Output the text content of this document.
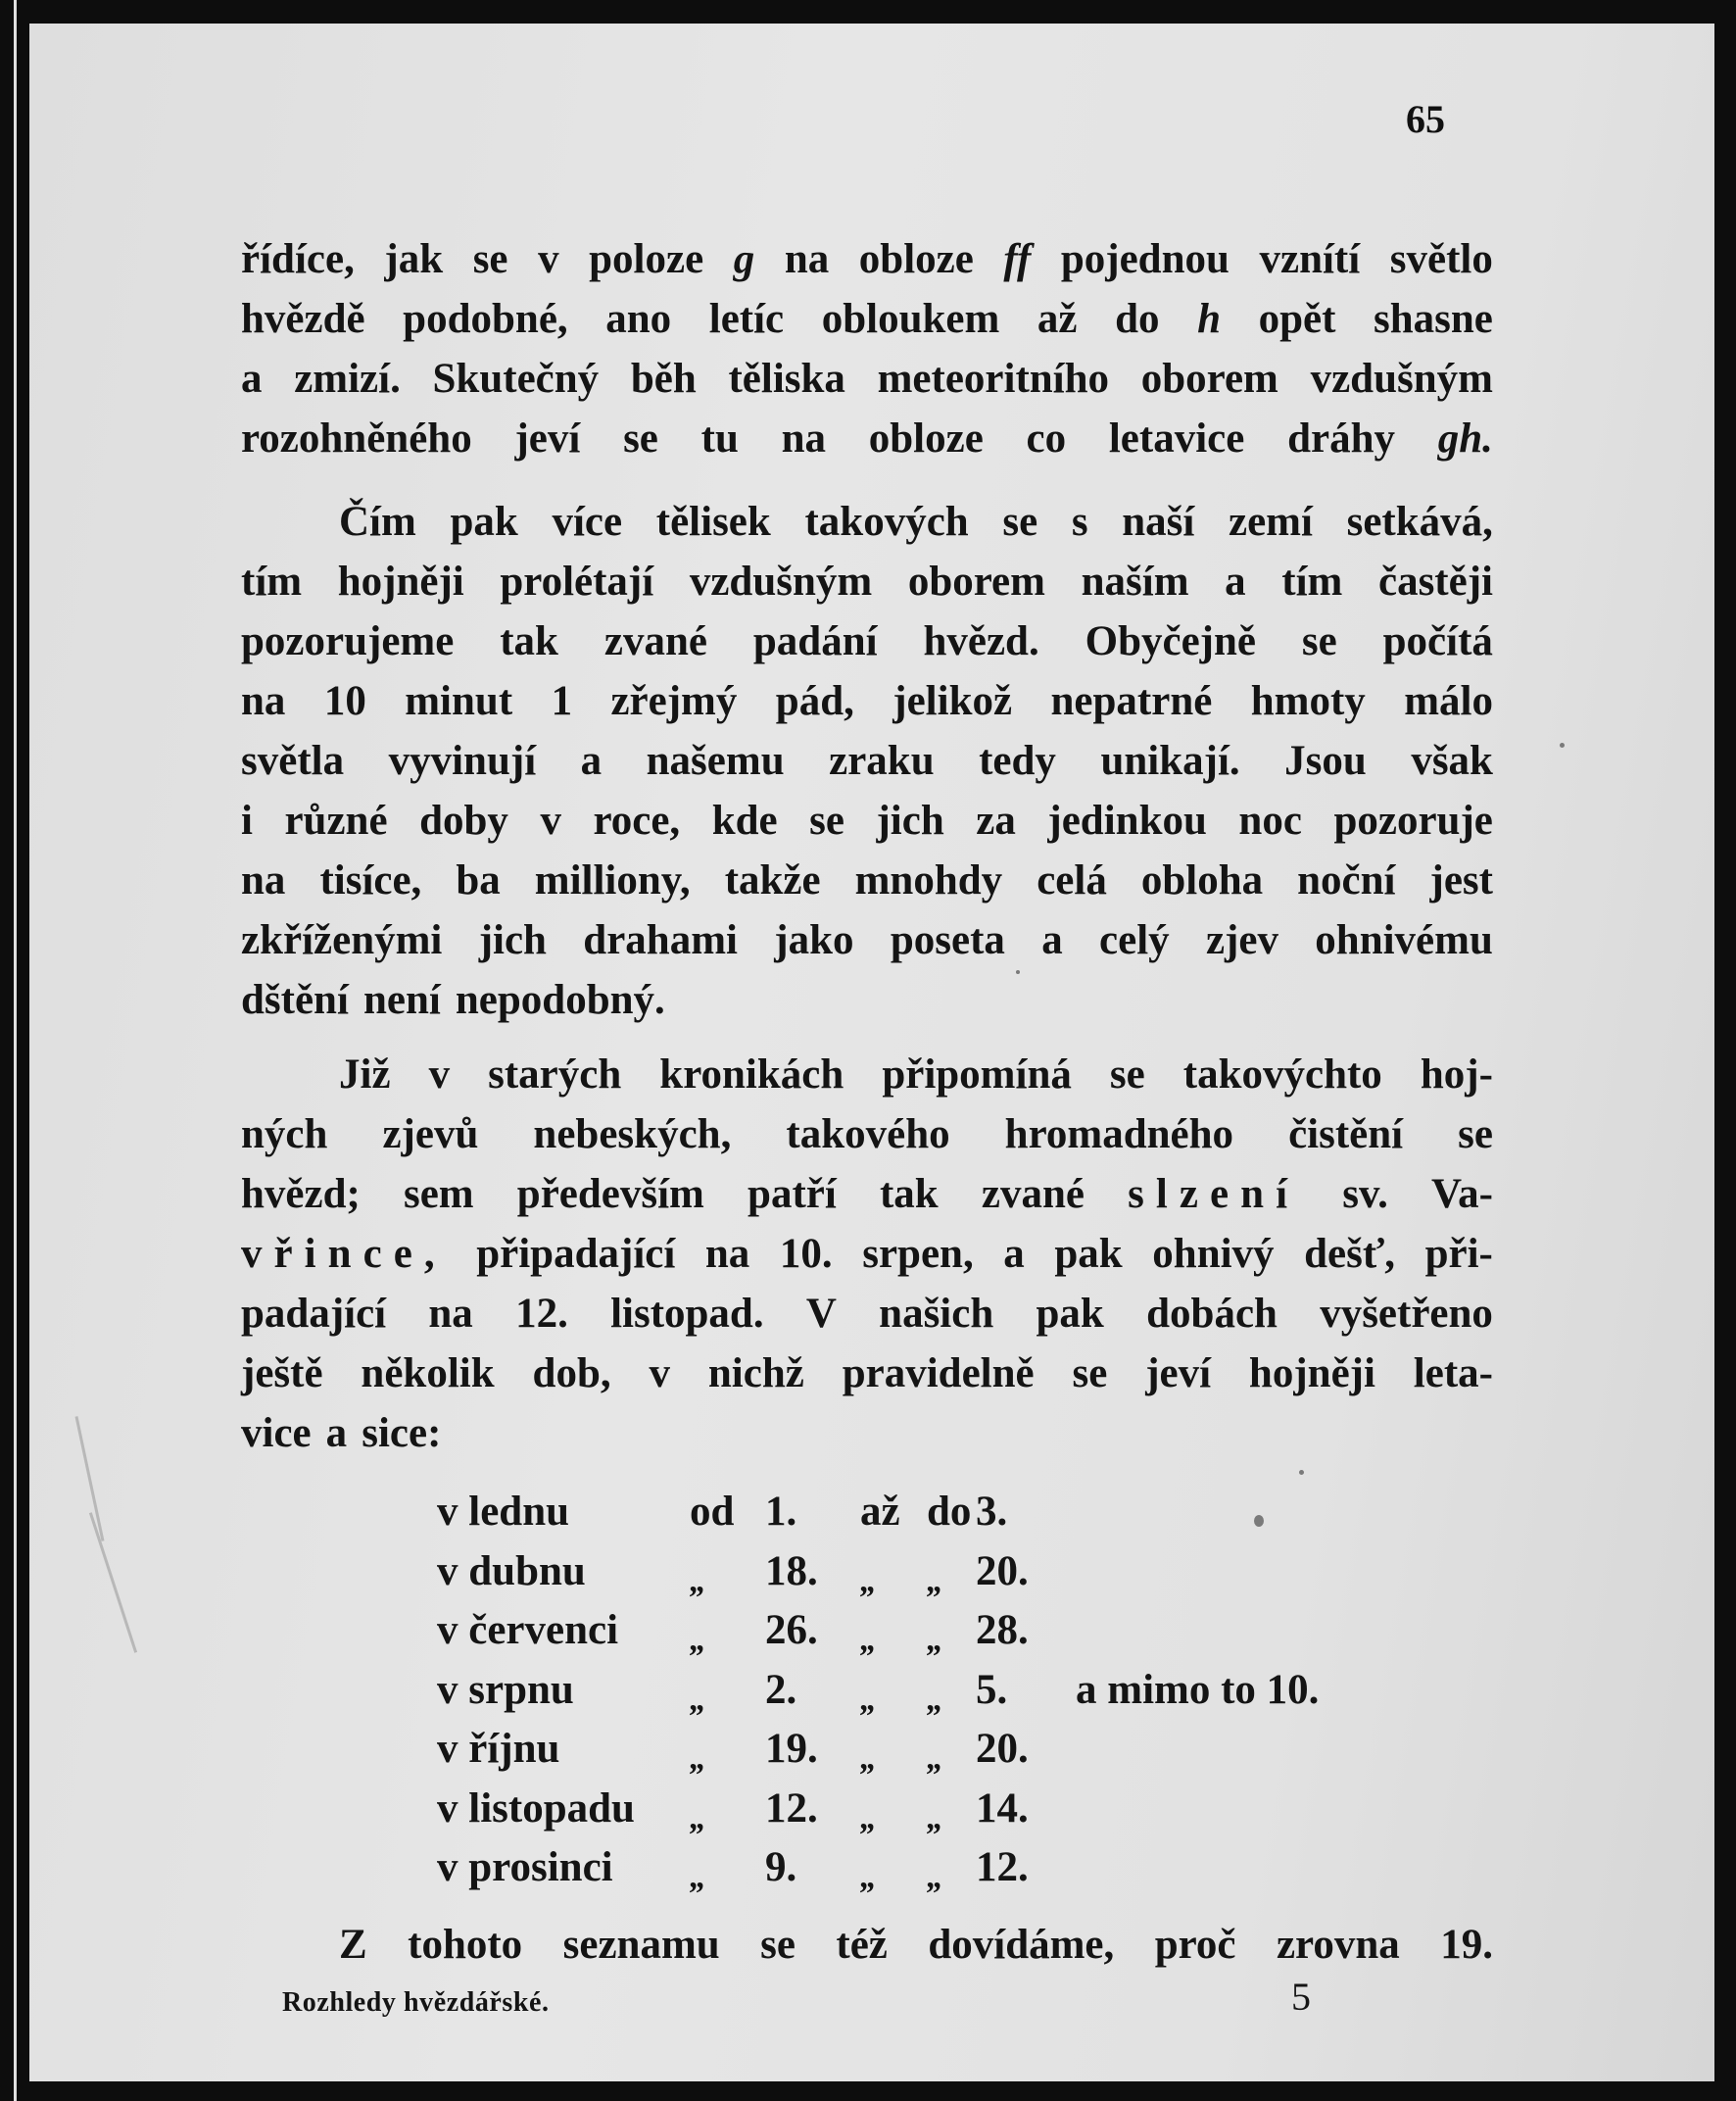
65
řídíce, jak se v poloze g na obloze ff pojednou vznítí světlo
hvězdě podobné, ano letíc obloukem až do h opět shasne
a zmizí. Skutečný běh těliska meteoritního oborem vzdušným
rozohněného jeví se tu na obloze co letavice dráhy gh.
Čím pak více tělisek takových se s naší zemí setkává,
tím hojněji prolétají vzdušným oborem naším a tím častěji
pozorujeme tak zvané padání hvězd. Obyčejně se počítá
na 10 minut 1 zřejmý pád, jelikož nepatrné hmoty málo
světla vyvinují a našemu zraku tedy unikají. Jsou však
i různé doby v roce, kde se jich za jedinkou noc pozoruje
na tisíce, ba milliony, takže mnohdy celá obloha noční jest
zkříženými jich drahami jako poseta a celý zjev ohnivému
dštění není nepodobný.
Již v starých kronikách připomíná se takovýchto hoj-
ných zjevů nebeských, takového hromadného čistění se
hvězd; sem především patří tak zvané slzení sv. Va-
vřince, připadající na 10. srpen, a pak ohnivý dešť, při-
padající na 12. listopad. V našich pak dobách vyšetřeno
ještě několik dob, v nichž pravidelně se jeví hojněji leta-
vice a sice:
v lednu	od 1. až do 3.
v dubnu	„ 18. „ „ 20.
v červenci „ 26. „ „ 28.
v srpnu	„ 2. „ „ 5. a mimo to 10.
v říjnu	„ 19. „ „ 20.
v listopadu „ 12. „ „ 14.
v prosinci „ 9. „ „ 12.
Z tohoto seznamu se též dovídáme, proč zrovna 19.
Rozhledy hvězdářské.	5
